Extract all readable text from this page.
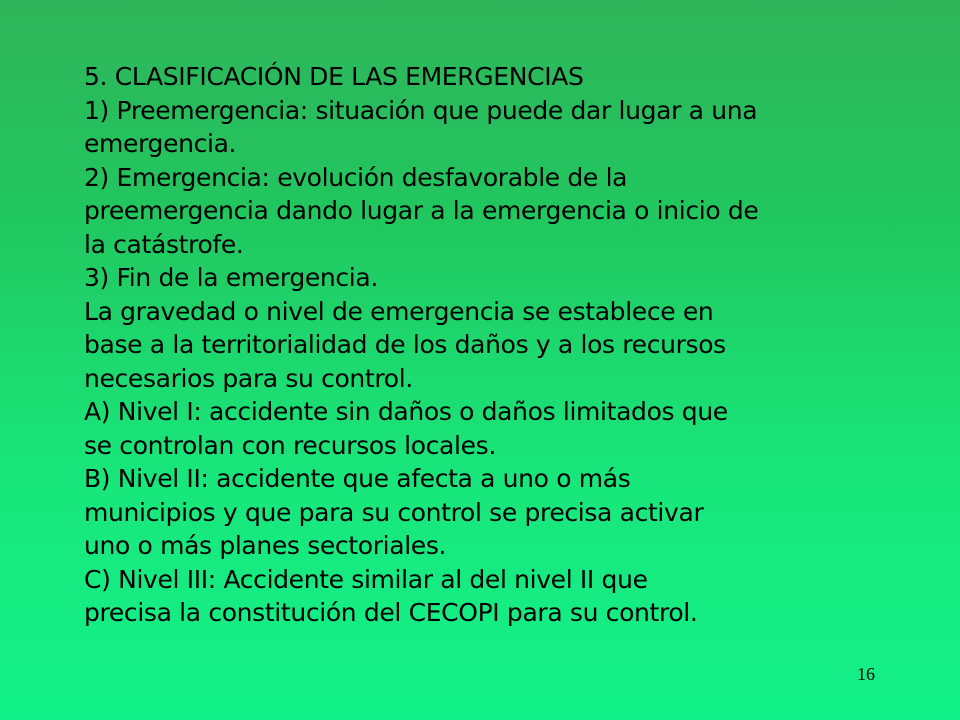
5. CLASIFICACIÓN DE LAS EMERGENCIAS
1) Preemergencia: situación que puede dar lugar a una
emergencia.
2) Emergencia: evolución desfavorable de la
preemergencia dando lugar a la emergencia o inicio de
la catástrofe.
3) Fin de la emergencia.
La gravedad o nivel de emergencia se establece en
base a la territorialidad de los daños y a los recursos
necesarios para su control.
A) Nivel I: accidente sin daños o daños limitados que
se controlan con recursos locales.
B) Nivel II: accidente que afecta a uno o más
municipios y que para su control se precisa activar
uno o más planes sectoriales.
C) Nivel III: Accidente similar al del nivel II que
precisa la constitución del CECOPI para su control.
16
